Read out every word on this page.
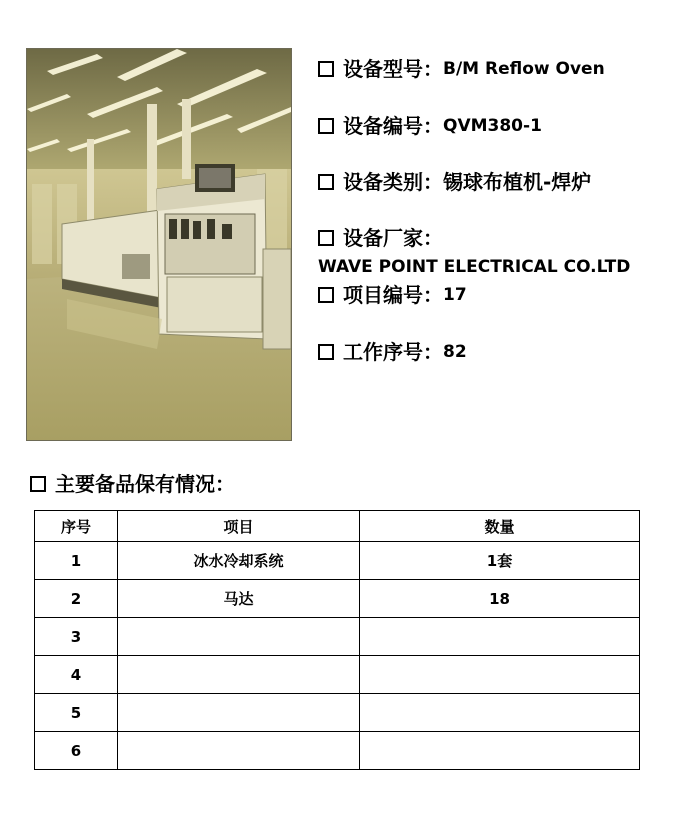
设备型号 ： B/M Reflow Oven
设备编号 ： QVM380-1
设备类别 ： 锡球布植机-焊炉
设备厂家 ：
WAVE POINT ELECTRICAL CO.LTD
项目编号 ： 17
工作序号 ： 82
主要备品保有情况：
序号	项目	数量
1	冰水冷却系统	1套
2	马达	18
3		
4		
5		
6		
